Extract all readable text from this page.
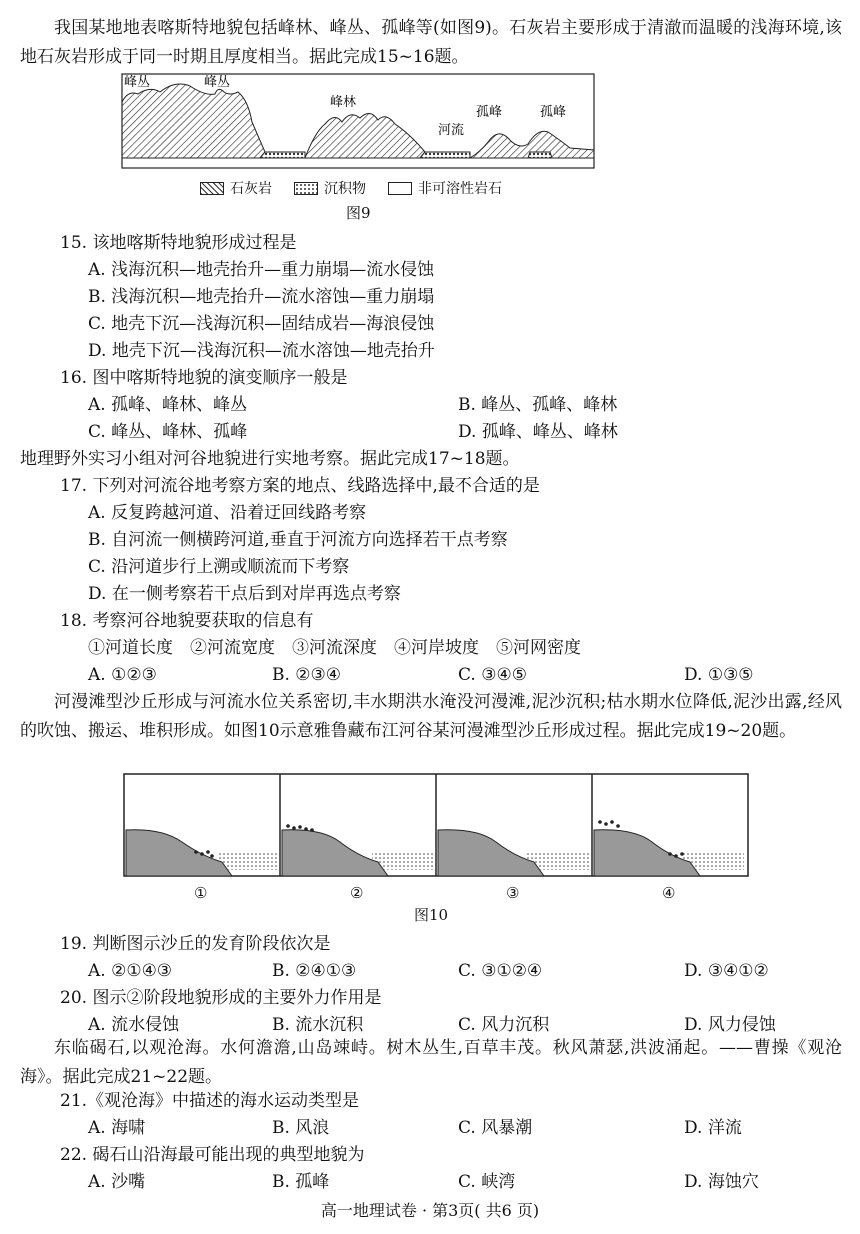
我国某地地表喀斯特地貌包括峰林、峰丛、孤峰等(如图9)。石灰岩主要形成于清澈而温暖的浅海环境,该地石灰岩形成于同一时期且厚度相当。据此完成15~16题。
峰丛	峰丛
峰林
河流
孤峰	孤峰
石灰岩	沉积物	非可溶性岩石
图9
15. 该地喀斯特地貌形成过程是
A. 浅海沉积—地壳抬升—重力崩塌—流水侵蚀
B. 浅海沉积—地壳抬升—流水溶蚀—重力崩塌
C. 地壳下沉—浅海沉积—固结成岩—海浪侵蚀
D. 地壳下沉—浅海沉积—流水溶蚀—地壳抬升
16. 图中喀斯特地貌的演变顺序一般是
A. 孤峰、峰林、峰丛	B. 峰丛、孤峰、峰林
C. 峰丛、峰林、孤峰	D. 孤峰、峰丛、峰林
地理野外实习小组对河谷地貌进行实地考察。据此完成17~18题。
17. 下列对河流谷地考察方案的地点、线路选择中,最不合适的是
A. 反复跨越河道、沿着迂回线路考察
B. 自河流一侧横跨河道,垂直于河流方向选择若干点考察
C. 沿河道步行上溯或顺流而下考察
D. 在一侧考察若干点后到对岸再选点考察
18. 考察河谷地貌要获取的信息有
①河道长度　②河流宽度　③河流深度　④河岸坡度　⑤河网密度
A. ①②③	B. ②③④	C. ③④⑤	D. ①③⑤
河漫滩型沙丘形成与河流水位关系密切,丰水期洪水淹没河漫滩,泥沙沉积;枯水期水位降低,泥沙出露,经风的吹蚀、搬运、堆积形成。如图10示意雅鲁藏布江河谷某河漫滩型沙丘形成过程。据此完成19~20题。
①	②	③	④
图10
19. 判断图示沙丘的发育阶段依次是
A. ②①④③	B. ②④①③	C. ③①②④	D. ③④①②
20. 图示②阶段地貌形成的主要外力作用是
A. 流水侵蚀	B. 流水沉积	C. 风力沉积	D. 风力侵蚀
东临碣石,以观沧海。水何澹澹,山岛竦峙。树木丛生,百草丰茂。秋风萧瑟,洪波涌起。——曹操《观沧海》。据此完成21~22题。
21.《观沧海》中描述的海水运动类型是
A. 海啸	B. 风浪	C. 风暴潮	D. 洋流
22. 碣石山沿海最可能出现的典型地貌为
A. 沙嘴	B. 孤峰	C. 峡湾	D. 海蚀穴
高一地理试卷 · 第3页( 共6 页)
